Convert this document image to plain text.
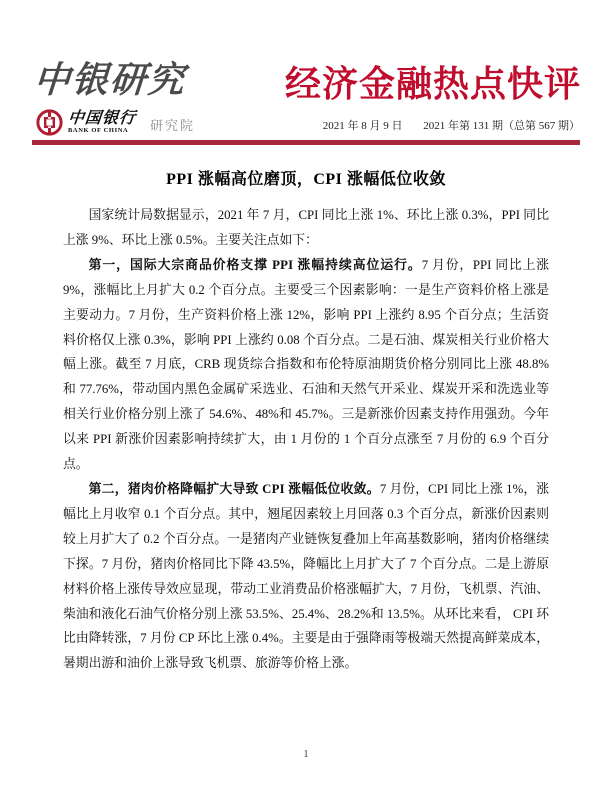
中银研究	经济金融热点快评
中国银行
BANK OF CHINA	研究院	2021 年 8 月 9 日 2021 年第 131 期（总第 567 期）
PPI 涨幅高位磨顶，CPI 涨幅低位收敛

国家统计局数据显示，2021 年 7 月，CPI 同比上涨 1%、环比上涨 0.3%，PPI 同比上涨 9%、环比上涨 0.5%。主要关注点如下：

第一，国际大宗商品价格支撑 PPI 涨幅持续高位运行。7 月份，PPI 同比上涨 9%，涨幅比上月扩大 0.2 个百分点。主要受三个因素影响：一是生产资料价格上涨是主要动力。7 月份，生产资料价格上涨 12%，影响 PPI 上涨约 8.95 个百分点；生活资料价格仅上涨 0.3%，影响 PPI 上涨约 0.08 个百分点。二是石油、煤炭相关行业价格大幅上涨。截至 7 月底，CRB 现货综合指数和布伦特原油期货价格分别同比上涨 48.8%和 77.76%，带动国内黑色金属矿采选业、石油和天然气开采业、煤炭开采和洗选业等相关行业价格分别上涨了 54.6%、48%和 45.7%。三是新涨价因素支持作用强劲。今年以来 PPI 新涨价因素影响持续扩大，由 1 月份的 1 个百分点涨至 7 月份的 6.9 个百分点。

第二，猪肉价格降幅扩大导致 CPI 涨幅低位收敛。7 月份，CPI 同比上涨 1%，涨幅比上月收窄 0.1 个百分点。其中，翘尾因素较上月回落 0.3 个百分点，新涨价因素则较上月扩大了 0.2 个百分点。一是猪肉产业链恢复叠加上年高基数影响，猪肉价格继续下探。7 月份，猪肉价格同比下降 43.5%，降幅比上月扩大了 7 个百分点。二是上游原材料价格上涨传导效应显现，带动工业消费品价格涨幅扩大，7 月份，飞机票、汽油、柴油和液化石油气价格分别上涨 53.5%、25.4%、28.2%和 13.5%。从环比来看， CPI 环比由降转涨，7 月份 CP 环比上涨 0.4%。主要是由于强降雨等极端天然提高鲜菜成本，暑期出游和油价上涨导致飞机票、旅游等价格上涨。

1
